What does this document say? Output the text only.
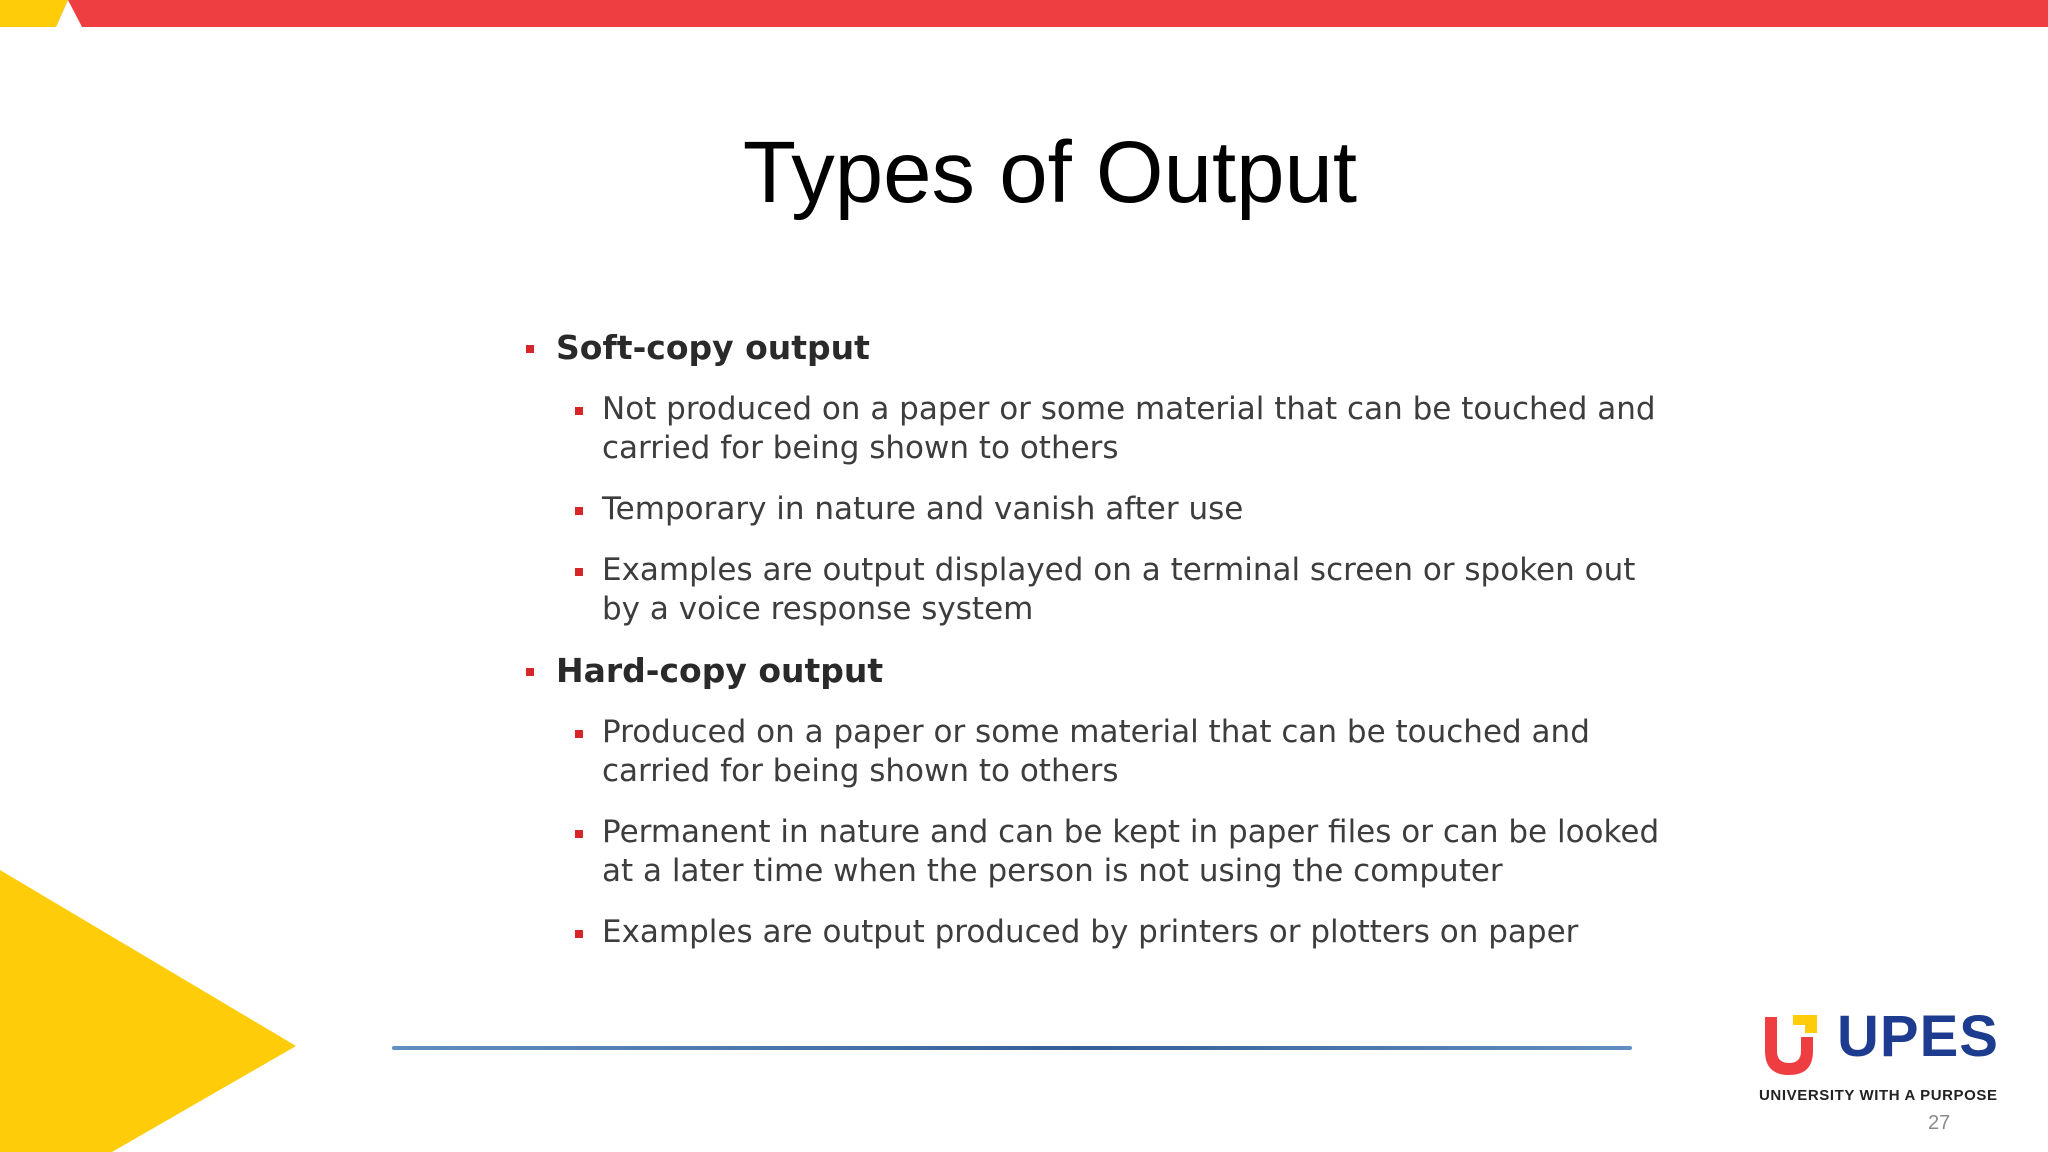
Types of Output
Soft-copy output
Not produced on a paper or some material that can be touched and carried for being shown to others
Temporary in nature and vanish after use
Examples are output displayed on a terminal screen or spoken out by a voice response system
Hard-copy output
Produced on a paper or some material that can be touched and carried for being shown to others
Permanent in nature and can be kept in paper files or can be looked at a later time when the person is not using the computer
Examples are output produced by printers or plotters on paper
UPES
UNIVERSITY WITH A PURPOSE
27
